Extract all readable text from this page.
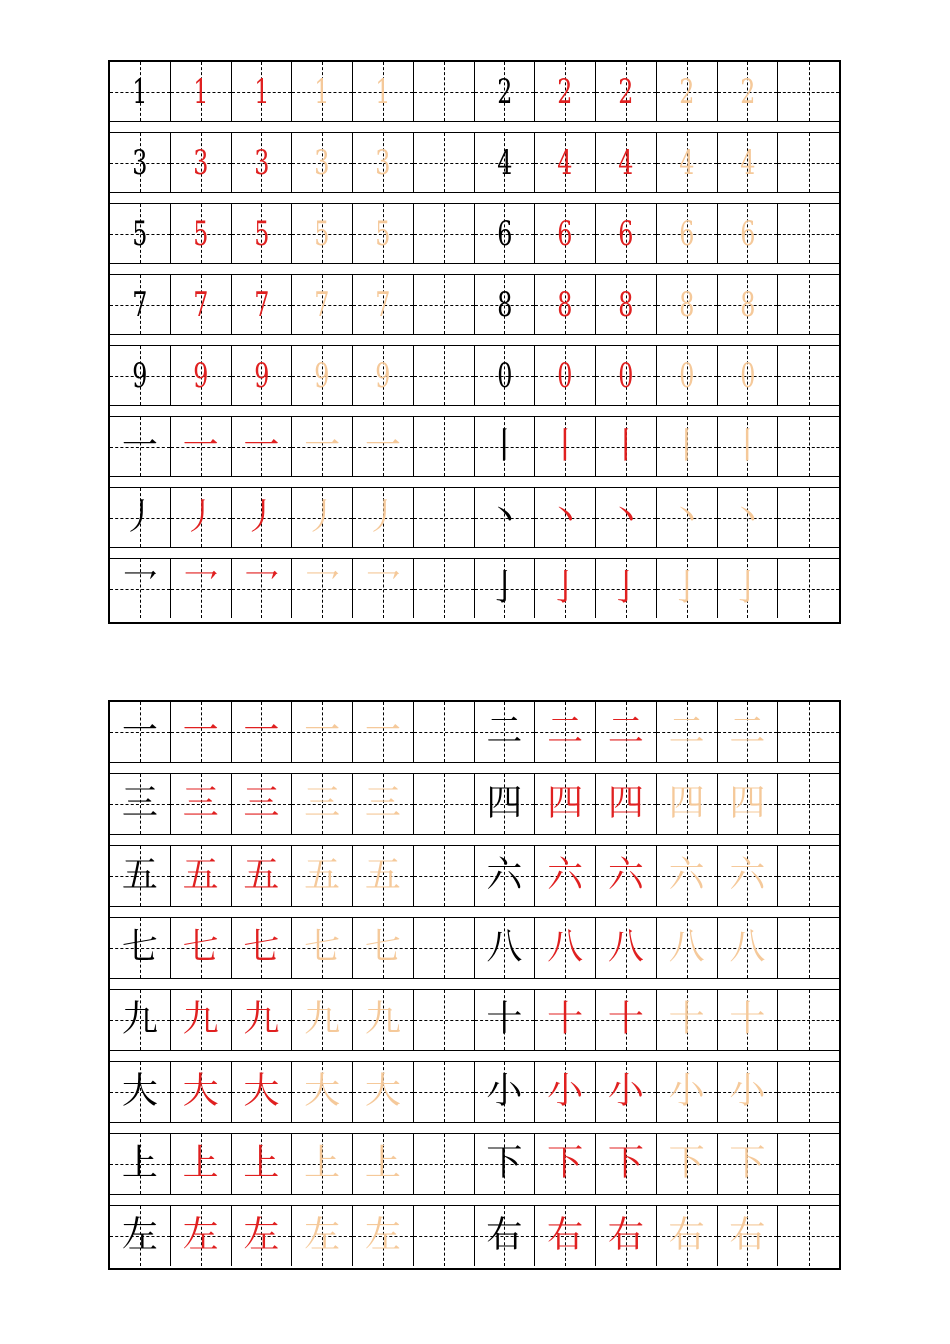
1	1	1	1	1	2	2	2	2	2
3	3	3	3	3	4	4	4	4	4
5	5	5	5	5	6	6	6	6	6
7	7	7	7	7	8	8	8	8	8
9	9	9	9	9	0	0	0	0	0
一 一 一 一 一	丨 丨 丨 丨 丨
丿 丿 丿 丿 丿	丶 丶 丶 丶 丶
乛 乛 乛 乛 乛	亅 亅 亅 亅 亅
一 一 一 一 一	二 二 二 二 二
三 三 三 三 三	四 四 四 四 四
五 五 五 五 五	六 六 六 六 六
七 七 七 七 七	八 八 八 八 八
九 九 九 九 九	十 十 十 十 十
大 大 大 大 大	小 小 小 小 小
上 上 上 上 上	下 下 下 下 下
左 左 左 左 左	右 右 右 右 右
